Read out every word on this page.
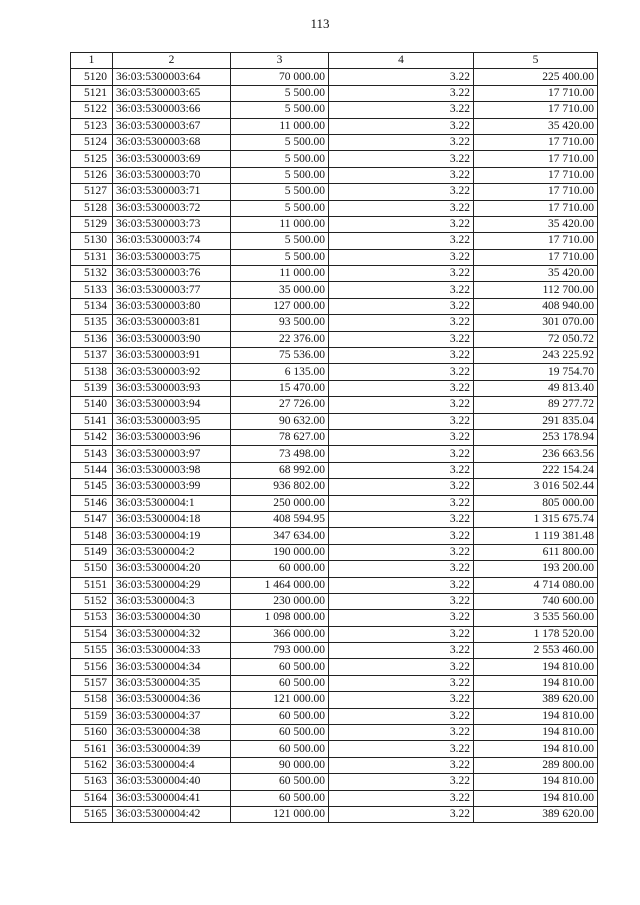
113
1	2	3	4	5
5120	36:03:5300003:64	70 000.00	3.22	225 400.00
5121	36:03:5300003:65	5 500.00	3.22	17 710.00
5122	36:03:5300003:66	5 500.00	3.22	17 710.00
5123	36:03:5300003:67	11 000.00	3.22	35 420.00
5124	36:03:5300003:68	5 500.00	3.22	17 710.00
5125	36:03:5300003:69	5 500.00	3.22	17 710.00
5126	36:03:5300003:70	5 500.00	3.22	17 710.00
5127	36:03:5300003:71	5 500.00	3.22	17 710.00
5128	36:03:5300003:72	5 500.00	3.22	17 710.00
5129	36:03:5300003:73	11 000.00	3.22	35 420.00
5130	36:03:5300003:74	5 500.00	3.22	17 710.00
5131	36:03:5300003:75	5 500.00	3.22	17 710.00
5132	36:03:5300003:76	11 000.00	3.22	35 420.00
5133	36:03:5300003:77	35 000.00	3.22	112 700.00
5134	36:03:5300003:80	127 000.00	3.22	408 940.00
5135	36:03:5300003:81	93 500.00	3.22	301 070.00
5136	36:03:5300003:90	22 376.00	3.22	72 050.72
5137	36:03:5300003:91	75 536.00	3.22	243 225.92
5138	36:03:5300003:92	6 135.00	3.22	19 754.70
5139	36:03:5300003:93	15 470.00	3.22	49 813.40
5140	36:03:5300003:94	27 726.00	3.22	89 277.72
5141	36:03:5300003:95	90 632.00	3.22	291 835.04
5142	36:03:5300003:96	78 627.00	3.22	253 178.94
5143	36:03:5300003:97	73 498.00	3.22	236 663.56
5144	36:03:5300003:98	68 992.00	3.22	222 154.24
5145	36:03:5300003:99	936 802.00	3.22	3 016 502.44
5146	36:03:5300004:1	250 000.00	3.22	805 000.00
5147	36:03:5300004:18	408 594.95	3.22	1 315 675.74
5148	36:03:5300004:19	347 634.00	3.22	1 119 381.48
5149	36:03:5300004:2	190 000.00	3.22	611 800.00
5150	36:03:5300004:20	60 000.00	3.22	193 200.00
5151	36:03:5300004:29	1 464 000.00	3.22	4 714 080.00
5152	36:03:5300004:3	230 000.00	3.22	740 600.00
5153	36:03:5300004:30	1 098 000.00	3.22	3 535 560.00
5154	36:03:5300004:32	366 000.00	3.22	1 178 520.00
5155	36:03:5300004:33	793 000.00	3.22	2 553 460.00
5156	36:03:5300004:34	60 500.00	3.22	194 810.00
5157	36:03:5300004:35	60 500.00	3.22	194 810.00
5158	36:03:5300004:36	121 000.00	3.22	389 620.00
5159	36:03:5300004:37	60 500.00	3.22	194 810.00
5160	36:03:5300004:38	60 500.00	3.22	194 810.00
5161	36:03:5300004:39	60 500.00	3.22	194 810.00
5162	36:03:5300004:4	90 000.00	3.22	289 800.00
5163	36:03:5300004:40	60 500.00	3.22	194 810.00
5164	36:03:5300004:41	60 500.00	3.22	194 810.00
5165	36:03:5300004:42	121 000.00	3.22	389 620.00
